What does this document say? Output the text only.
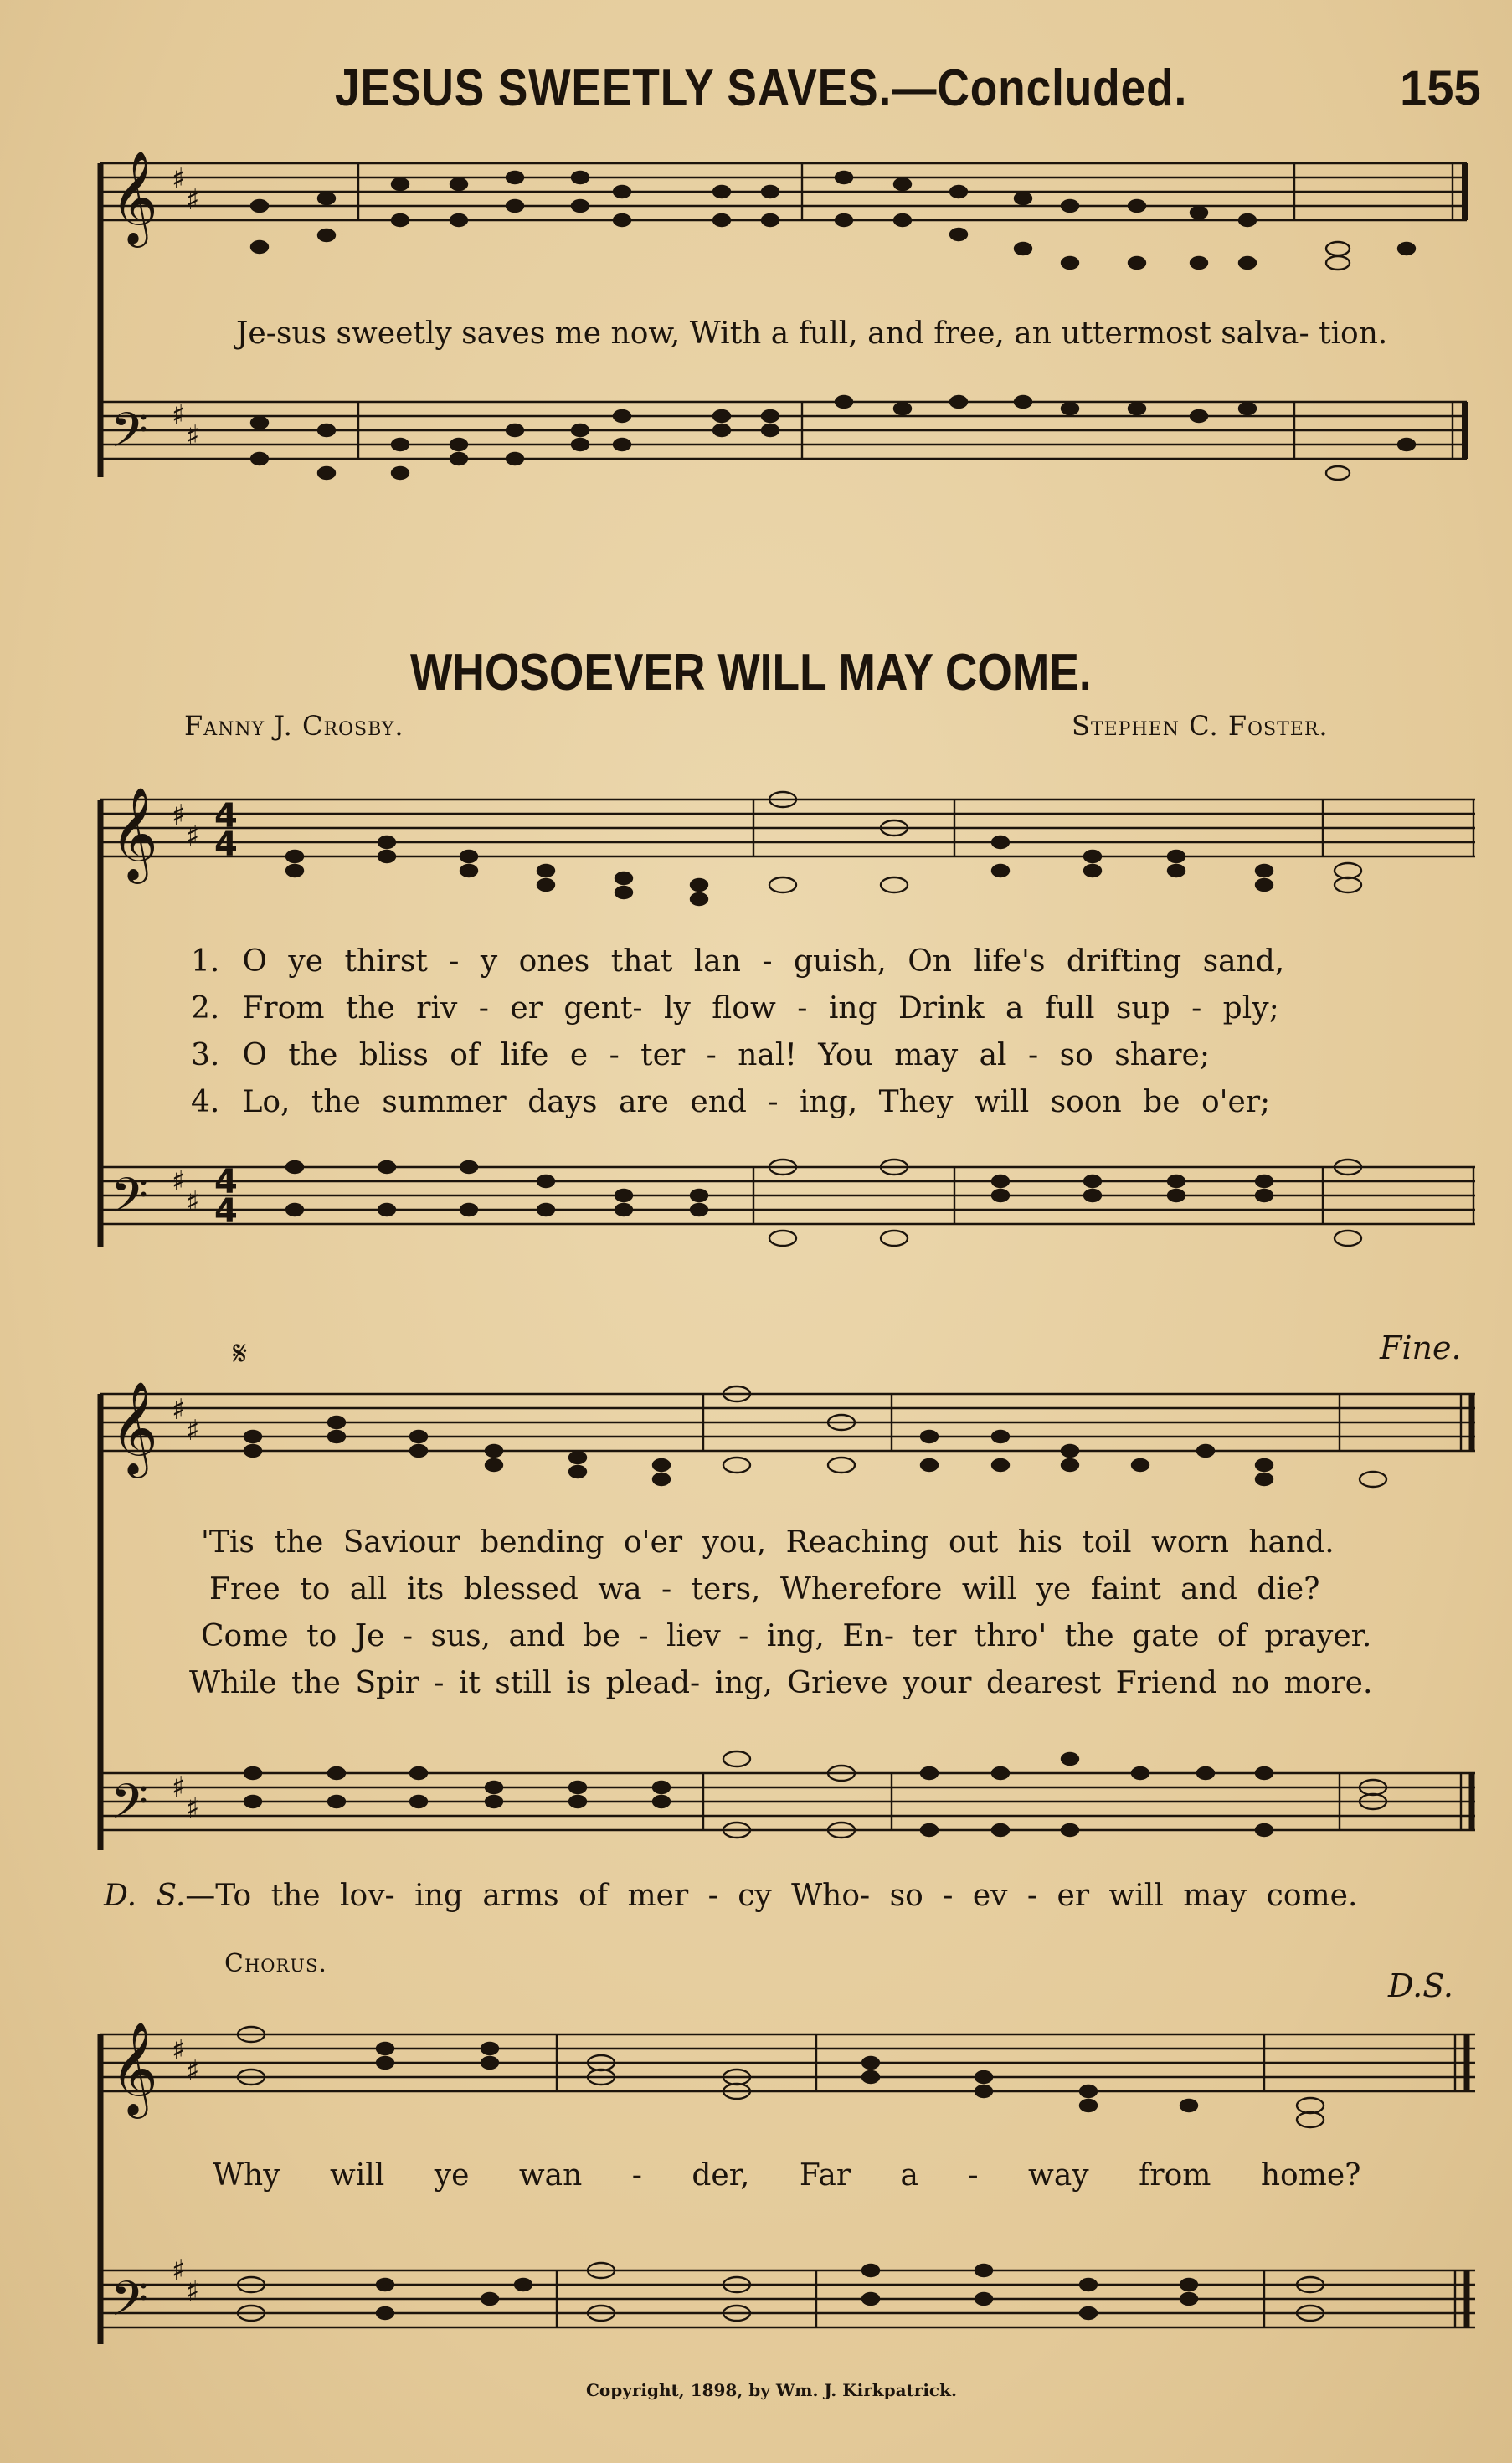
JESUS SWEETLY SAVES.—Concluded.	155
𝄞
𝄢
𝄞
𝄢
𝄞
𝄢
𝄞
𝄢
♯
♯
♯
♯
♯
♯
♯
♯
♯
♯
♯
♯
♯
♯
♯
♯
4
4
4
4
𝄋
Je-sus sweetly saves me now, With a full, and free, an uttermost salva- tion.
WHOSOEVER WILL MAY COME.
Fanny J. Crosby.	Stephen C. Foster.
1. O ye thirst - y ones that lan - guish, On life's drifting sand,
2. From the riv - er gent- ly flow - ing Drink a full sup - ply;
3. O the bliss of life e - ter - nal! You may al - so share;
4. Lo, the summer days are end - ing, They will soon be o'er;
Fine.
'Tis the Saviour bending o'er you, Reaching out his toil worn hand.
Free to all its blessed wa - ters, Wherefore will ye faint and die?
Come to Je - sus, and be - liev - ing, En- ter thro' the gate of prayer.
While the Spir - it still is plead- ing, Grieve your dearest Friend no more.
D. S.—To the lov- ing arms of mer - cy Who- so - ev - er will may come.
Chorus.
D.S.
Why will ye wan - der, Far a - way from home?
Copyright, 1898, by Wm. J. Kirkpatrick.
